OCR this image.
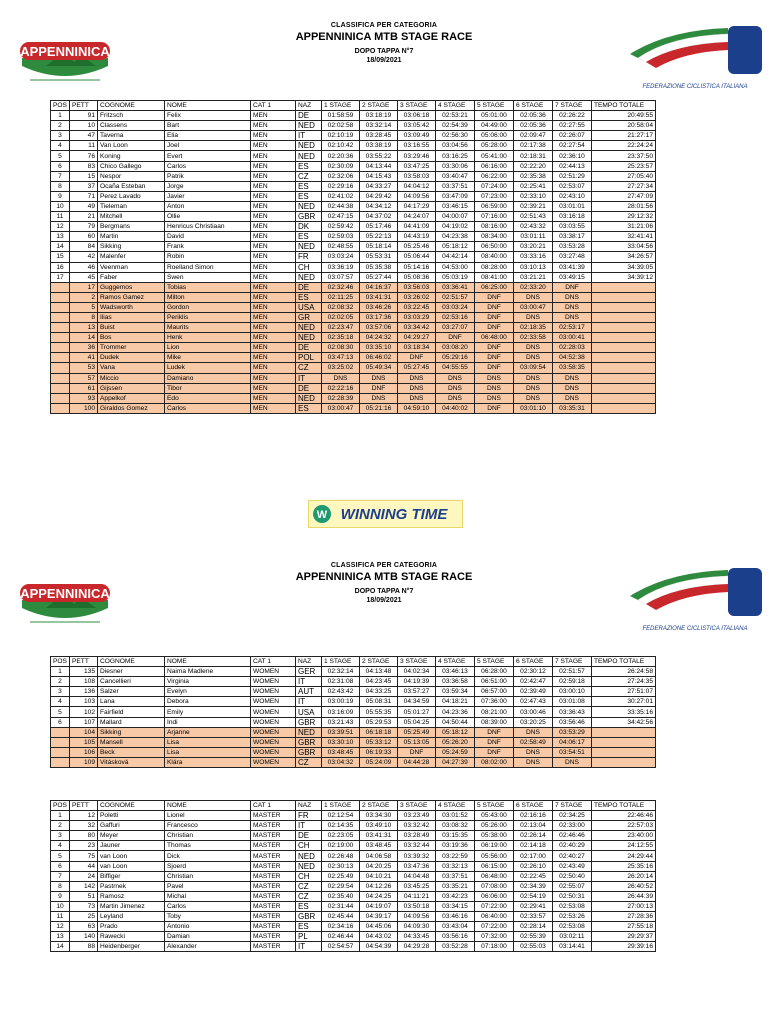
CLASSIFICA PER CATEGORIA
APPENNINICA MTB STAGE RACE
DOPO TAPPA N°7
18/09/2021
APPENNINICA
FEDERAZIONE CICLISTICA ITALIANA
POS	PETT	COGNOME	NOME	CAT 1	NAZ	1 STAGE	2 STAGE	3 STAGE	4 STAGE	5 STAGE	6 STAGE	7 STAGE	TEMPO TOTALE
1	91	Fritzsch	Felix	MEN	DE	01:58:59	03:18:19	03:06:18	02:53:21	05:01:00	02:05:36	02:26:22	20:49:55
2	10	Classens	Bart	MEN	NED	02:02:58	03:32:14	03:05:42	02:54:39	04:49:00	02:05:36	02:27:55	20:58:04
3	47	Taverna	Elia	MEN	IT	02:10:19	03:28:45	03:09:49	02:56:30	05:06:00	02:09:47	02:26:07	21:27:17
4	11	Van Loon	Joel	MEN	NED	02:10:42	03:38:19	03:16:55	03:04:56	05:28:00	02:17:38	02:27:54	22:24:24
5	76	Koning	Evert	MEN	NED	02:20:36	03:55:22	03:29:46	03:16:25	05:41:00	02:18:31	02:36:10	23:37:50
6	83	Chico Gallego	Carlos	MEN	ES	02:30:09	04:13:44	03:47:25	03:30:06	06:16:00	02:22:20	02:44:13	25:23:57
7	15	Nespor	Patrik	MEN	CZ	02:32:06	04:15:43	03:58:03	03:40:47	06:22:00	02:35:38	02:51:29	27:05:40
8	37	Ocaña Esteban	Jorge	MEN	ES	02:29:16	04:33:27	04:04:12	03:37:51	07:24:00	02:25:41	02:53:07	27:27:34
9	71	Perez Lavado	Javier	MEN	ES	02:41:02	04:29:42	04:09:56	03:47:09	07:23:00	02:33:10	02:43:10	27:47:09
10	49	Tieleman	Anton	MEN	NED	02:44:38	04:34:12	04:17:29	03:46:15	06:59:00	02:39:21	03:01:01	28:01:56
11	21	Mitchell	Ollie	MEN	GBR	02:47:15	04:37:02	04:24:07	04:00:07	07:16:00	02:51:43	03:16:18	29:12:32
12	79	Bergmans	Henricus Christiaan	MEN	DK	02:59:42	05:17:46	04:41:09	04:19:02	08:16:00	02:43:32	03:03:55	31:21:06
13	60	Martin	David	MEN	ES	02:59:03	05:22:13	04:43:19	04:23:38	08:34:00	03:01:11	03:38:17	32:41:41
14	84	Sikking	Frank	MEN	NED	02:48:55	05:18:14	05:25:46	05:18:12	06:50:00	03:20:21	03:53:28	33:04:56
15	42	Malenfer	Robin	MEN	FR	03:03:24	05:53:31	05:06:44	04:42:14	08:40:00	03:33:16	03:27:48	34:26:57
16	46	Veenman	Roelland Simon	MEN	CH	03:36:19	05:35:38	05:14:16	04:53:00	08:28:00	03:10:13	03:41:39	34:39:05
17	45	Faber	Swen	MEN	NED	03:07:57	05:27:44	05:08:36	05:03:19	08:41:00	03:21:21	03:49:15	34:39:12
	17	Guggemos	Tobias	MEN	DE	02:32:46	04:16:37	03:56:03	03:36:41	06:25:00	02:33:20	DNF	
	2	Ramos Gamez	Milton	MEN	ES	02:11:25	03:41:31	03:26:02	02:51:57	DNF	DNS	DNS	
	5	Wadsworth	Gordon	MEN	USA	02:08:32	03:46:26	03:22:45	03:03:24	DNF	03:00:47	DNS	
	8	Ilias	Periklis	MEN	GR	02:02:05	03:17:36	03:03:29	02:53:16	DNF	DNS	DNS	
	13	Buist	Maurits	MEN	NED	02:23:47	03:57:06	03:34:42	03:27:07	DNF	02:18:35	02:53:17	
	14	Bos	Henk	MEN	NED	02:35:18	04:24:32	04:29:27	DNF	06:48:00	02:33:58	03:00:41	
	36	Trommer	Lion	MEN	DE	02:08:30	03:35:10	03:18:34	03:08:20	DNF	DNS	02:28:03	
	41	Dudek	Mike	MEN	POL	03:47:13	06:46:02	DNF	05:29:16	DNF	DNS	04:52:38	
	53	Vana	Ludek	MEN	CZ	03:25:02	05:49:34	05:27:45	04:55:55	DNF	03:09:54	03:58:35	
	57	Miccio	Damiano	MEN	IT	DNS	DNS	DNS	DNS	DNS	DNS	DNS	
	61	Gijssen	Tibor	MEN	DE	02:22:16	DNF	DNS	DNS	DNS	DNS	DNS	
	93	Appelkof	Edo	MEN	NED	02:28:39	DNS	DNS	DNS	DNS	DNS	DNS	
	100	Giraldos Gomez	Carlos	MEN	ES	03:00:47	05:21:16	04:59:10	04:40:02	DNF	03:01:10	03:35:31	
W WINNING TIME
CLASSIFICA PER CATEGORIA
APPENNINICA MTB STAGE RACE
DOPO TAPPA N°7
18/09/2021
APPENNINICA
FEDERAZIONE CICLISTICA ITALIANA
POS	PETT	COGNOME	NOME	CAT 1	NAZ	1 STAGE	2 STAGE	3 STAGE	4 STAGE	5 STAGE	6 STAGE	7 STAGE	TEMPO TOTALE
1	135	Diesner	Naima Madlene	WOMEN	GER	02:32:14	04:13:48	04:02:34	03:46:13	06:28:00	02:30:12	02:51:57	26:24:58
2	108	Cancellieri	Virginia	WOMEN	IT	02:31:08	04:23:45	04:19:39	03:36:58	06:51:00	02:42:47	02:59:18	27:24:35
3	136	Salzer	Evelyn	WOMEN	AUT	02:43:42	04:33:25	03:57:27	03:59:34	06:57:00	02:39:49	03:00:10	27:51:07
4	103	Lana	Debora	WOMEN	IT	03:00:19	05:08:31	04:34:59	04:18:21	07:36:00	02:47:43	03:01:08	30:27:01
5	102	Fairfield	Emily	WOMEN	USA	03:16:09	05:55:35	05:01:27	04:23:36	08:21:00	03:00:46	03:36:43	33:35:16
6	107	Mallard	Indi	WOMEN	GBR	03:21:43	05:29:53	05:04:25	04:50:44	08:39:00	03:20:25	03:56:46	34:42:56
	104	Sikking	Arjanne	WOMEN	NED	03:39:51	06:18:18	05:25:49	05:18:12	DNF	DNS	03:53:29	
	105	Mansell	Lisa	WOMEN	GBR	03:30:10	05:33:12	05:13:05	05:26:20	DNF	02:58:49	04:06:17	
	106	Beck	Lisa	WOMEN	GBR	03:48:45	06:19:33	DNF	05:24:59	DNF	DNS	03:54:51	
	109	Vitásková	Klára	WOMEN	CZ	03:04:32	05:24:09	04:44:28	04:27:39	08:02:00	DNS	DNS	
POS	PETT	COGNOME	NOME	CAT 1	NAZ	1 STAGE	2 STAGE	3 STAGE	4 STAGE	5 STAGE	6 STAGE	7 STAGE	TEMPO TOTALE
1	12	Poletti	Lionel	MASTER	FR	02:12:54	03:34:30	03:23:49	03:01:52	05:43:00	02:16:16	02:34:25	22:46:46
2	32	Gaffuri	Francesco	MASTER	IT	02:14:35	03:49:10	03:32:42	03:08:32	05:26:00	02:13:04	02:33:00	22:57:03
3	80	Meyer	Christian	MASTER	DE	02:23:05	03:41:31	03:28:49	03:15:35	05:38:00	02:26:14	02:46:46	23:40:00
4	23	Jauner	Thomas	MASTER	CH	02:19:00	03:48:45	03:32:44	03:19:36	06:19:00	02:14:18	02:40:29	24:12:55
5	75	van Loon	Dick	MASTER	NED	02:26:48	04:06:58	03:39:32	03:22:59	05:56:00	02:17:00	02:40:27	24:29:44
6	44	van Loon	Sjoerd	MASTER	NED	02:30:13	04:20:25	03:47:36	03:32:13	06:15:00	02:26:10	02:43:49	25:35:16
7	24	Biffiger	Christian	MASTER	CH	02:25:49	04:10:21	04:04:48	03:37:51	06:48:00	02:22:45	02:50:40	26:20:14
8	142	Pastrnek	Pavel	MASTER	CZ	02:29:54	04:12:26	03:45:25	03:35:21	07:08:00	02:34:39	02:55:07	26:40:52
9	51	Ramosz	Michal	MASTER	CZ	02:35:40	04:24:25	04:11:21	03:42:23	06:06:00	02:54:19	02:50:31	26:44:39
10	73	Martin Jimenez	Carlos	MASTER	ES	02:31:44	04:19:07	03:50:18	03:34:15	07:22:00	02:29:41	02:53:08	27:00:13
11	25	Leyland	Toby	MASTER	GBR	02:45:44	04:39:17	04:09:56	03:46:16	06:40:00	02:33:57	02:53:26	27:28:36
12	63	Prado	Antonio	MASTER	ES	02:34:16	04:45:06	04:09:30	03:43:04	07:22:00	02:28:14	02:53:08	27:55:18
13	140	Rawecki	Damian	MASTER	PL	02:46:44	04:43:02	04:33:45	03:56:16	07:32:00	02:55:39	03:02:11	29:29:37
14	88	Heidenberger	Alexander	MASTER	IT	02:54:57	04:54:39	04:29:28	03:52:28	07:18:00	02:55:03	03:14:41	29:39:16
